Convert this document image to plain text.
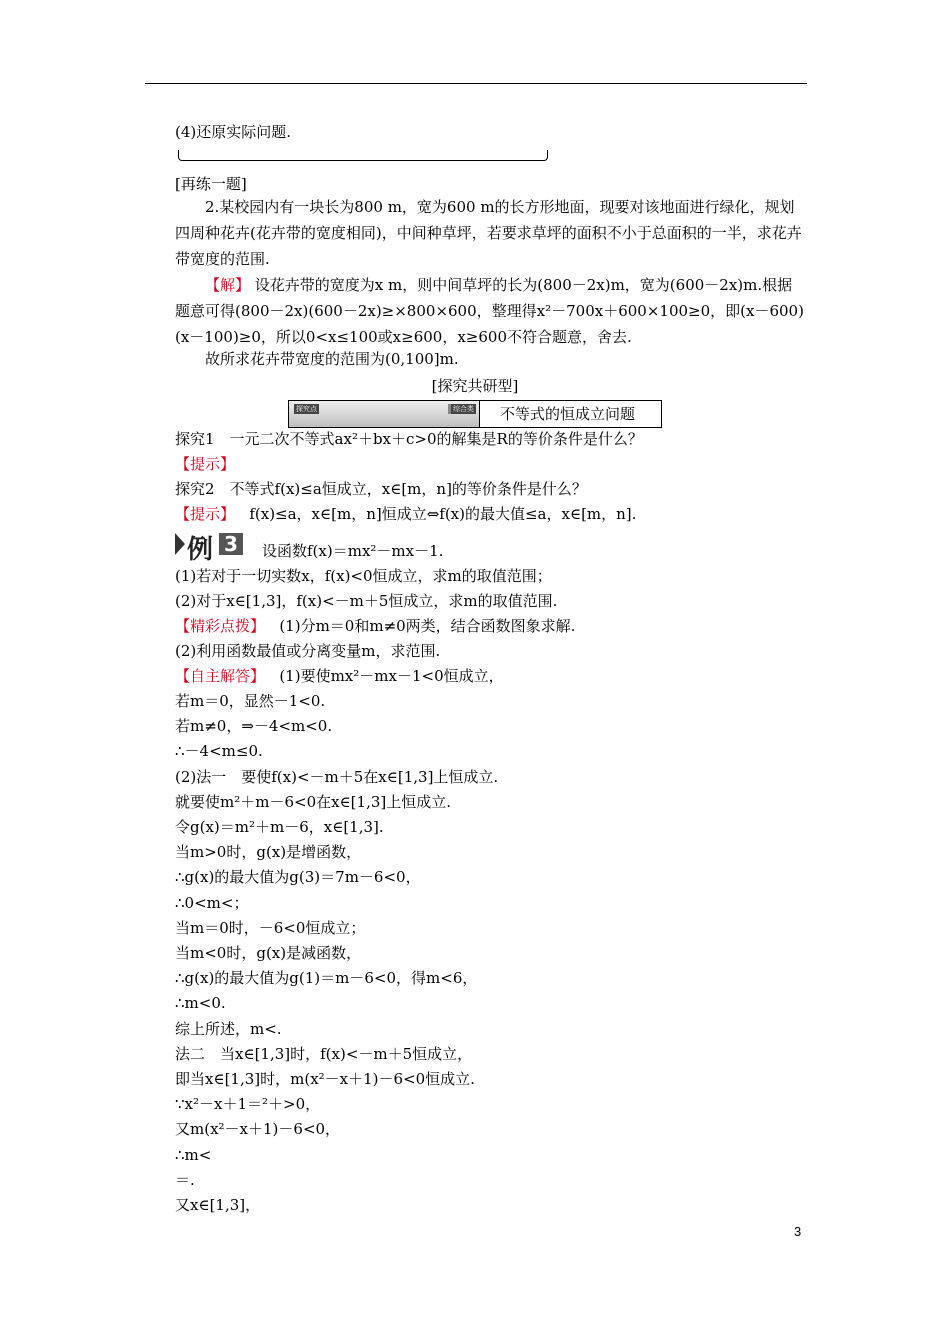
(4)还原实际问题.
[再练一题]
2.某校园内有一块长为800 m，宽为600 m的长方形地面，现要对该地面进行绿化，规划四周种花卉(花卉带的宽度相同)，中间种草坪，若要求草坪的面积不小于总面积的一半，求花卉带宽度的范围.
【解】 设花卉带的宽度为x m，则中间草坪的长为(800－2x)m，宽为(600－2x)m.根据题意可得(800－2x)(600－2x)≥×800×600，整理得x²－700x＋600×100≥0，即(x－600)(x－100)≥0，所以0<x≤100或x≥600，x≥600不符合题意，舍去.
故所求花卉带宽度的范围为(0,100]m.
[探究共研型]
探究点	综合类	不等式的恒成立问题
探究1　一元二次不等式ax²＋bx＋c>0的解集是R的等价条件是什么？
【提示】
探究2　不等式f(x)≤a恒成立，x∈[m，n]的等价条件是什么？
【提示】 f(x)≤a，x∈[m，n]恒成立⇔f(x)的最大值≤a，x∈[m，n].
例 3	设函数f(x)＝mx²－mx－1.
(1)若对于一切实数x，f(x)<0恒成立，求m的取值范围；
(2)对于x∈[1,3]，f(x)<－m＋5恒成立，求m的取值范围.
【精彩点拨】 (1)分m＝0和m≠0两类，结合函数图象求解.
(2)利用函数最值或分离变量m，求范围.
【自主解答】 (1)要使mx²－mx－1<0恒成立，
若m＝0，显然－1<0.
若m≠0，⇒－4<m<0.
∴－4<m≤0.
(2)法一　要使f(x)<－m＋5在x∈[1,3]上恒成立.
就要使m²＋m－6<0在x∈[1,3]上恒成立.
令g(x)＝m²＋m－6，x∈[1,3].
当m>0时，g(x)是增函数，
∴g(x)的最大值为g(3)＝7m－6<0，
∴0<m<；
当m＝0时，－6<0恒成立；
当m<0时，g(x)是减函数，
∴g(x)的最大值为g(1)＝m－6<0，得m<6，
∴m<0.
综上所述，m<.
法二　当x∈[1,3]时，f(x)<－m＋5恒成立，
即当x∈[1,3]时，m(x²－x＋1)－6<0恒成立.
∵x²－x＋1＝²＋>0，
又m(x²－x＋1)－6<0，
∴m<
＝.
又x∈[1,3]，
3
